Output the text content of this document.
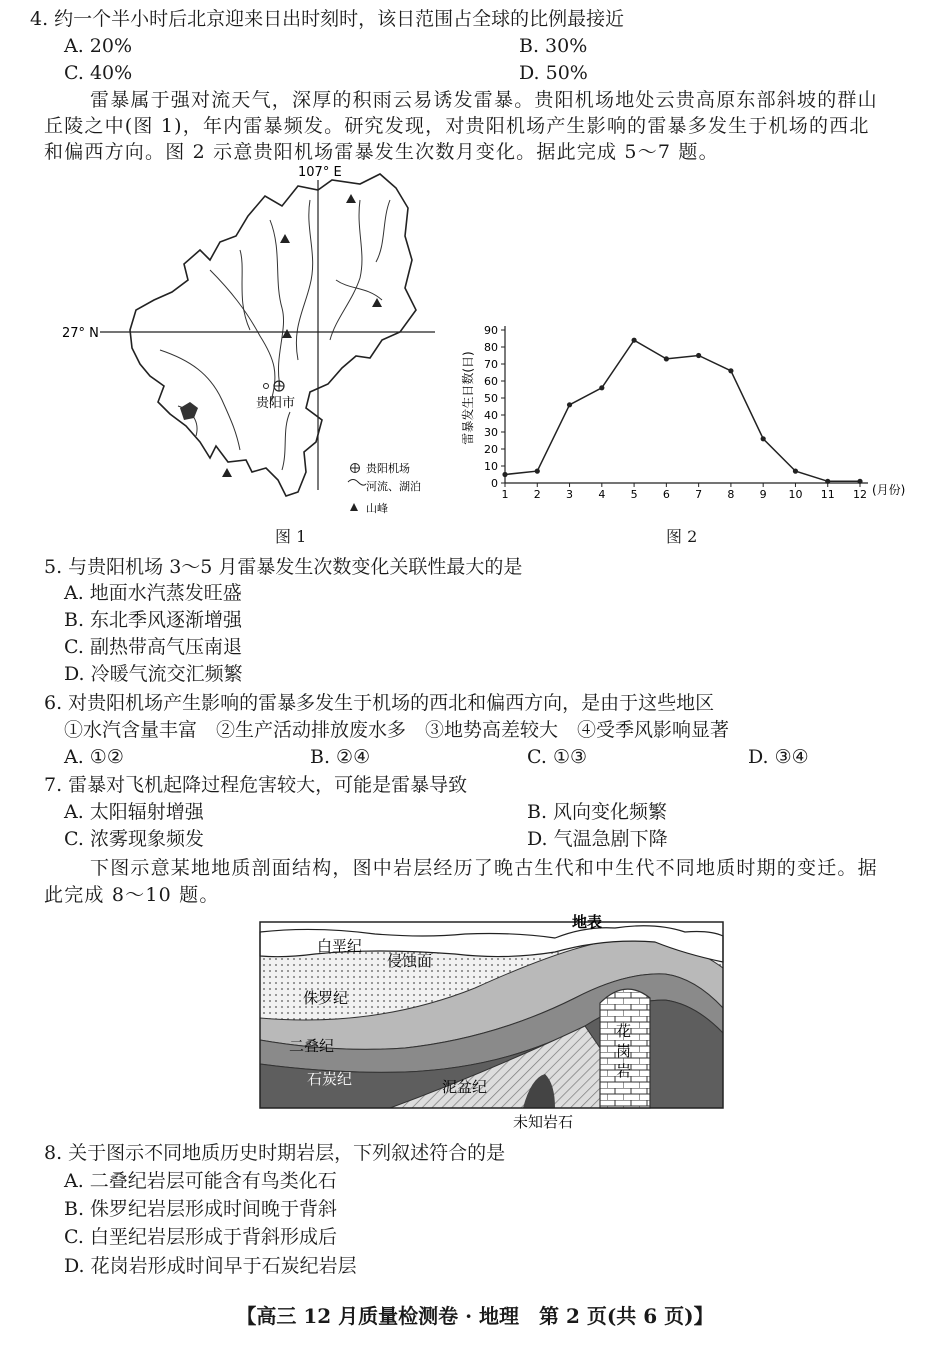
4. 约一个半小时后北京迎来日出时刻时，该日范围占全球的比例最接近
A. 20%	B. 30%
C. 40%	D. 50%
雷暴属于强对流天气，深厚的积雨云易诱发雷暴。贵阳机场地处云贵高原东部斜坡的群山
丘陵之中(图 1)，年内雷暴频发。研究发现，对贵阳机场产生影响的雷暴多发生于机场的西北
和偏西方向。图 2 示意贵阳机场雷暴发生次数月变化。据此完成 5～7 题。
107° E
27° N
贵阳市
贵阳机场
河流、湖泊
山峰
图 1
0
10
20
30
40
50
60
70
80
90
1 2 3 4 5 6 7 8 9 10 11 12
雷暴发生日数(日)
(月份)
图 2
5. 与贵阳机场 3～5 月雷暴发生次数变化关联性最大的是
A. 地面水汽蒸发旺盛
B. 东北季风逐渐增强
C. 副热带高气压南退
D. 冷暖气流交汇频繁
6. 对贵阳机场产生影响的雷暴多发生于机场的西北和偏西方向，是由于这些地区
①水汽含量丰富　②生产活动排放废水多　③地势高差较大　④受季风影响显著
A. ①②	B. ②④	C. ①③	D. ③④
7. 雷暴对飞机起降过程危害较大，可能是雷暴导致
A. 太阳辐射增强	B. 风向变化频繁
C. 浓雾现象频发	D. 气温急剧下降
下图示意某地地质剖面结构，图中岩层经历了晚古生代和中生代不同地质时期的变迁。据
此完成 8～10 题。
地表
白垩纪
侵蚀面
侏罗纪
二叠纪
石炭纪	泥盆纪
花
岗
岩
未知岩石
8. 关于图示不同地质历史时期岩层，下列叙述符合的是
A. 二叠纪岩层可能含有鸟类化石
B. 侏罗纪岩层形成时间晚于背斜
C. 白垩纪岩层形成于背斜形成后
D. 花岗岩形成时间早于石炭纪岩层
【高三 12 月质量检测卷 · 地理　第 2 页(共 6 页)】
